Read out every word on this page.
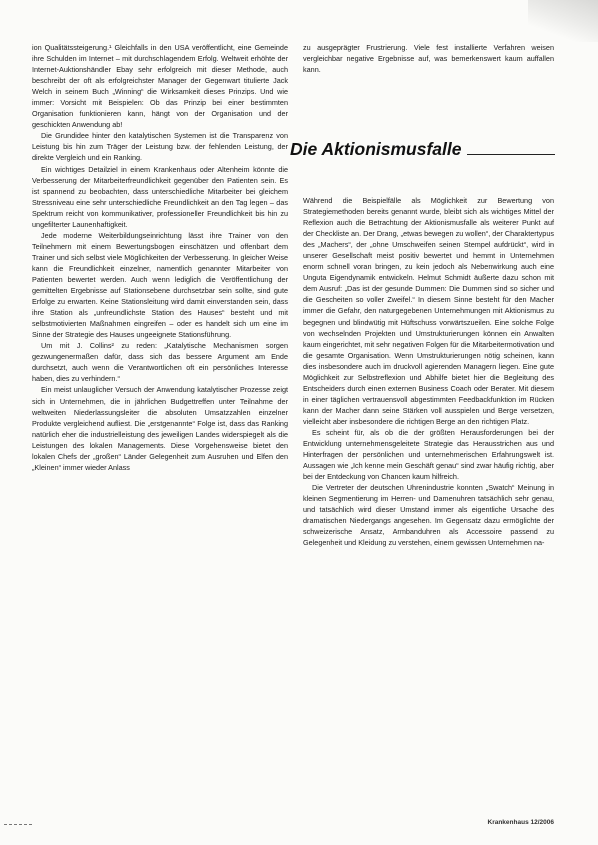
ion Qualitätssteigerung.¹ Gleichfalls in den USA veröffentlicht, eine Gemeinde ihre Schulden im Internet – mit durchschlagendem Erfolg. Weltweit erhöhte der Internet-Auktionshändler Ebay sehr erfolgreich mit dieser Methode, auch beschreibt der oft als erfolgreichster Manager der Gegenwart titulierte Jack Welch in seinem Buch „Winning“ die Wirksamkeit dieses Prinzips. Und wie immer: Vorsicht mit Beispielen: Ob das Prinzip bei einer bestimmten Organisation funktionieren kann, hängt von der Organisation und der geschickten Anwendung ab!

Die Grundidee hinter den katalytischen Systemen ist die Transparenz von Leistung bis hin zum Träger der Leistung bzw. der fehlenden Leistung, der direkte Vergleich und ein Ranking.

Ein wichtiges Detailziel in einem Krankenhaus oder Altenheim könnte die Verbesserung der Mitarbeiterfreundlichkeit gegenüber den Patienten sein. Es ist spannend zu beobachten, dass unterschiedliche Mitarbeiter bei gleichem Stressniveau eine sehr unterschiedliche Freundlichkeit an den Tag legen – das Spektrum reicht von kommunikativer, professioneller Freundlichkeit bis hin zu ungefilterter Launenhaftigkeit.

Jede moderne Weiterbildungseinrichtung lässt ihre Trainer von den Teilnehmern mit einem Bewertungsbogen einschätzen und offenbart dem Trainer und sich selbst viele Möglichkeiten der Verbesserung. In gleicher Weise kann die Freundlichkeit einzelner, namentlich genannter Mitarbeiter von Patienten bewertet werden. Auch wenn lediglich die Veröffentlichung der gemittelten Ergebnisse auf Stationsebene durchsetzbar sein sollte, sind gute Erfolge zu erwarten. Keine Stationsleitung wird damit einverstanden sein, dass ihre Station als „unfreundlichste Station des Hauses“ besteht und mit selbstmotivierten Maßnahmen eingreifen – oder es handelt sich um eine im Sinne der Strategie des Hauses ungeeignete Stationsführung.

Um mit J. Collins² zu reden: „Katalytische Mechanismen sorgen gezwungenermaßen dafür, dass sich das bessere Argument am Ende durchsetzt, auch wenn die Verantwortlichen oft ein persönliches Interesse haben, dies zu verhindern.“

Ein meist unlauglicher Versuch der Anwendung katalytischer Prozesse zeigt sich in Unternehmen, die in jährlichen Budgettreffen unter Teilnahme der weltweiten Niederlassungsleiter die absoluten Umsatzzahlen einzelner Produkte vergleichend aufliest. Die „erstgenannte“ Folge ist, dass das Ranking natürlich eher die industrielleistung des jeweiligen Landes widerspiegelt als die Leistungen des lokalen Managements. Diese Vorgehensweise bietet den lokalen Chefs der „großen“ Länder Gelegenheit zum Ausruhen und Elfen den „Kleinen“ immer wieder Anlass

zu ausgeprägter Frustrierung. Viele fest installierte Verfahren weisen vergleichbar negative Ergebnisse auf, was bemerkenswert kaum auffallen kann.

Die Aktionismusfalle

Während die Beispielfälle als Möglichkeit zur Bewertung von Strategiemethoden bereits genannt wurde, bleibt sich als wichtiges Mittel der Reflexion auch die Betrachtung der Aktionismusfalle als weiterer Punkt auf der Checkliste an. Der Drang, „etwas bewegen zu wollen“, der Charaktertypus des „Machers“, der „ohne Umschweifen seinen Stempel aufdrückt“, wird in unserer Gesellschaft meist positiv bewertet und hemmt in Unternehmen enorm schnell voran bringen, zu kein jedoch als Nebenwirkung auch eine Unguta Eigendynamik entwickeln. Helmut Schmidt äußerte dazu schon mit dem Ausruf: „Das ist der gesunde Dummen: Die Dummen sind so sicher und die Gescheiten so voller Zweifel.“ In diesem Sinne besteht für den Macher immer die Gefahr, den naturgegebenen Unternehmungen mit Aktionismus zu begegnen und blindwütig mit Hüftschuss vorwärtszueilen. Eine solche Folge von wechselnden Projekten und Umstrukturierungen können ein Anwalten kaum eingerichtet, mit sehr negativen Folgen für die Mitarbeitermotivation und die gesamte Organisation. Wenn Umstrukturierungen nötig scheinen, kann dies insbesondere auch im druckvoll agierenden Managern liegen. Eine gute Möglichkeit zur Selbstreflexion und Abhilfe bietet hier die Begleitung des Entscheiders durch einen externen Business Coach oder Berater. Mit diesem in einer täglichen vertrauensvoll abgestimmten Feedbackfunktion im Rücken kann der Macher dann seine Stärken voll ausspielen und Berge versetzen, vielleicht aber insbesondere die richtigen Berge an den richtigen Platz.

Es scheint für, als ob die der größten Herausforderungen bei der Entwicklung unternehmensgeleitete Strategie das Herausstrichen aus und Hinterfragen der persönlichen und unternehmerischen Erfahrungswelt ist. Aussagen wie „Ich kenne mein Geschäft genau“ sind zwar häufig richtig, aber bei der Entdeckung von Chancen kaum hilfreich.

Die Vertreter der deutschen Uhrenindustrie konnten „Swatch“ Meinung in kleinen Segmentierung im Herren- und Damenuhren tatsächlich sehr genau, und tatsächlich wird dieser Umstand immer als eigentliche Ursache des dramatischen Niedergangs angesehen. Im Gegensatz dazu ermöglichte der schweizerische Ansatz, Armbanduhren als Accessoire passend zu Gelegenheit und Kleidung zu verstehen, einem gewissen Unternehmen na-

Krankenhaus 12/2006
